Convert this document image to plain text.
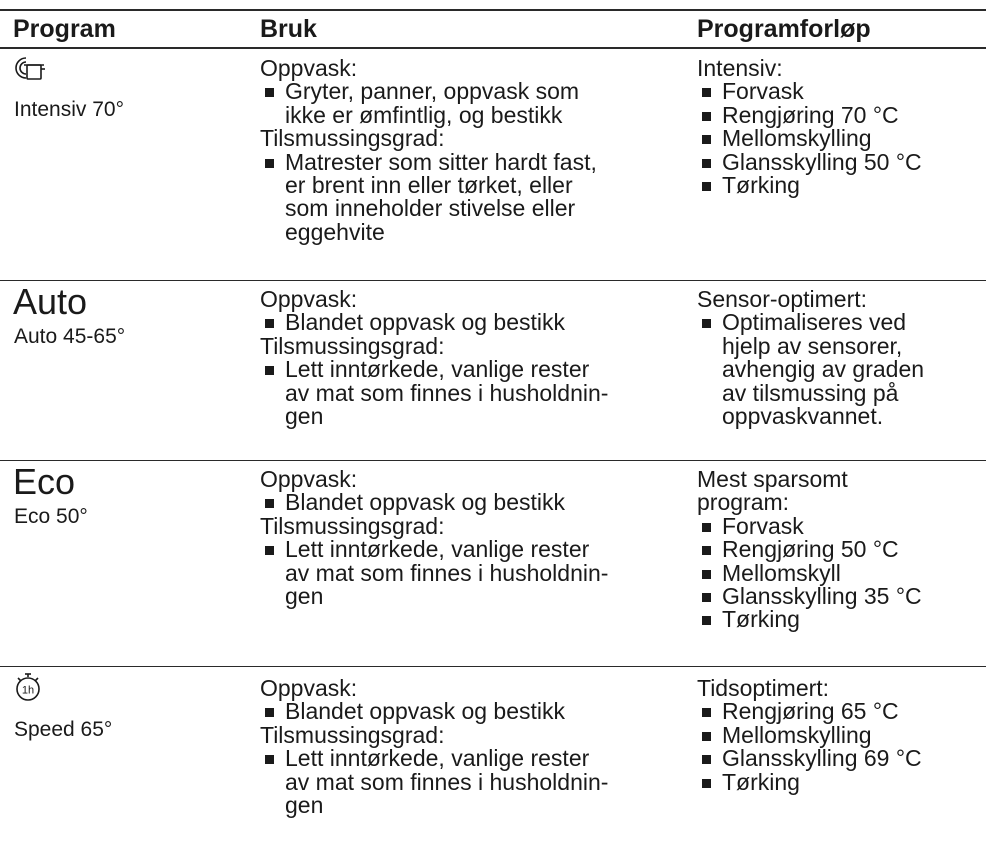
Program	Bruk	Programforløp
Intensiv 70°
Oppvask:
Gryter, panner, oppvask som
ikke er ømfintlig, og bestikk
Tilsmussingsgrad:
Matrester som sitter hardt fast,
er brent inn eller tørket, eller
som inneholder stivelse eller
eggehvite
Intensiv:
Forvask
Rengjøring 70 °C
Mellomskylling
Glansskylling 50 °C
Tørking
Auto
Auto 45-65°
Oppvask:
Blandet oppvask og bestikk
Tilsmussingsgrad:
Lett inntørkede, vanlige rester
av mat som finnes i husholdnin-
gen
Sensor-optimert:
Optimaliseres ved
hjelp av sensorer,
avhengig av graden
av tilsmussing på
oppvaskvannet.
Eco
Eco 50°
Oppvask:
Blandet oppvask og bestikk
Tilsmussingsgrad:
Lett inntørkede, vanlige rester
av mat som finnes i husholdnin-
gen
Mest sparsomt
program:
Forvask
Rengjøring 50 °C
Mellomskyll
Glansskylling 35 °C
Tørking
1h
Speed 65°
Oppvask:
Blandet oppvask og bestikk
Tilsmussingsgrad:
Lett inntørkede, vanlige rester
av mat som finnes i husholdnin-
gen
Tidsoptimert:
Rengjøring 65 °C
Mellomskylling
Glansskylling 69 °C
Tørking
